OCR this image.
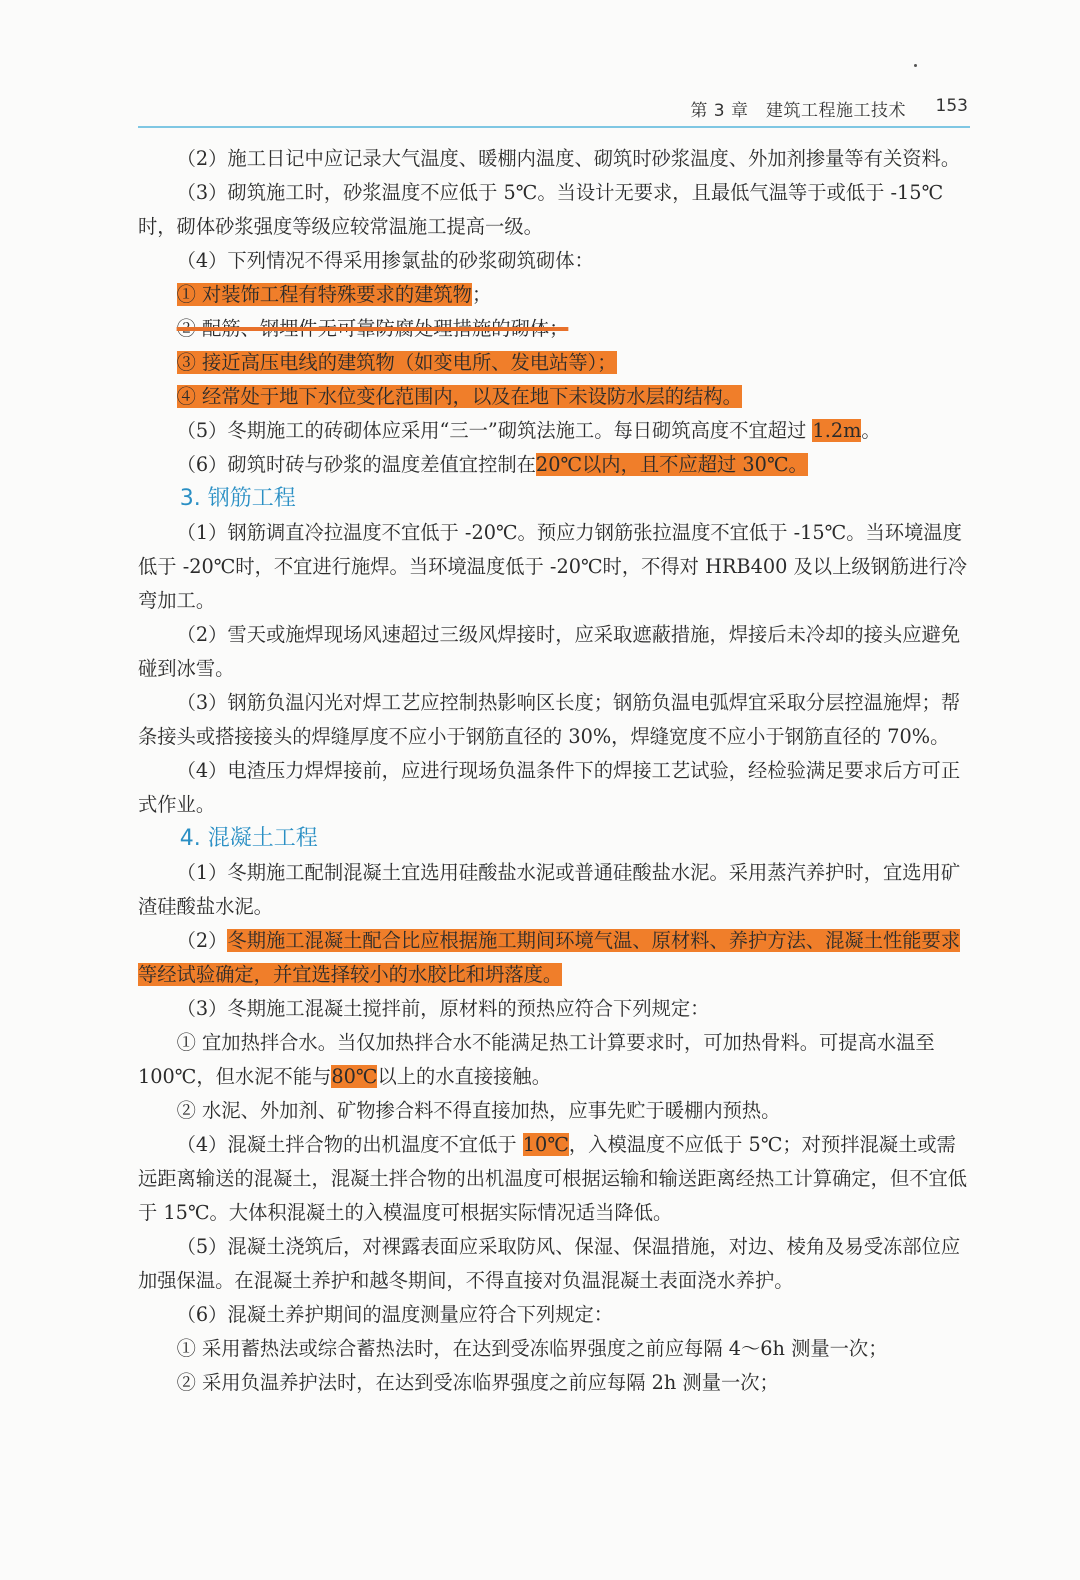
第 3 章　建筑工程施工技术 153

（2）施工日记中应记录大气温度、暖棚内温度、砌筑时砂浆温度、外加剂掺量等有关资料。

（3）砌筑施工时，砂浆温度不应低于 5℃。当设计无要求，且最低气温等于或低于 -15℃时，砌体砂浆强度等级应较常温施工提高一级。

（4）下列情况不得采用掺氯盐的砂浆砌筑砌体：

① 对装饰工程有特殊要求的建筑物；

② 配筋、钢埋件无可靠防腐处理措施的砌体；

③ 接近高压电线的建筑物（如变电所、发电站等）；

④ 经常处于地下水位变化范围内，以及在地下未设防水层的结构。

（5）冬期施工的砖砌体应采用“三一”砌筑法施工。每日砌筑高度不宜超过 1.2m。

（6）砌筑时砖与砂浆的温度差值宜控制在20℃以内，且不应超过 30℃。

3. 钢筋工程

（1）钢筋调直冷拉温度不宜低于 -20℃。预应力钢筋张拉温度不宜低于 -15℃。当环境温度低于 -20℃时，不宜进行施焊。当环境温度低于 -20℃时，不得对 HRB400 及以上级钢筋进行冷弯加工。

（2）雪天或施焊现场风速超过三级风焊接时，应采取遮蔽措施，焊接后未冷却的接头应避免碰到冰雪。

（3）钢筋负温闪光对焊工艺应控制热影响区长度；钢筋负温电弧焊宜采取分层控温施焊；帮条接头或搭接接头的焊缝厚度不应小于钢筋直径的 30%，焊缝宽度不应小于钢筋直径的 70%。

（4）电渣压力焊焊接前，应进行现场负温条件下的焊接工艺试验，经检验满足要求后方可正式作业。

4. 混凝土工程

（1）冬期施工配制混凝土宜选用硅酸盐水泥或普通硅酸盐水泥。采用蒸汽养护时，宜选用矿渣硅酸盐水泥。

（2）冬期施工混凝土配合比应根据施工期间环境气温、原材料、养护方法、混凝土性能要求等经试验确定，并宜选择较小的水胶比和坍落度。

（3）冬期施工混凝土搅拌前，原材料的预热应符合下列规定：

① 宜加热拌合水。当仅加热拌合水不能满足热工计算要求时，可加热骨料。可提高水温至 100℃，但水泥不能与80℃以上的水直接接触。

② 水泥、外加剂、矿物掺合料不得直接加热，应事先贮于暖棚内预热。

（4）混凝土拌合物的出机温度不宜低于 10℃，入模温度不应低于 5℃；对预拌混凝土或需远距离输送的混凝土，混凝土拌合物的出机温度可根据运输和输送距离经热工计算确定，但不宜低于 15℃。大体积混凝土的入模温度可根据实际情况适当降低。

（5）混凝土浇筑后，对裸露表面应采取防风、保湿、保温措施，对边、棱角及易受冻部位应加强保温。在混凝土养护和越冬期间，不得直接对负温混凝土表面浇水养护。

（6）混凝土养护期间的温度测量应符合下列规定：

① 采用蓄热法或综合蓄热法时，在达到受冻临界强度之前应每隔 4～6h 测量一次；

② 采用负温养护法时，在达到受冻临界强度之前应每隔 2h 测量一次；
